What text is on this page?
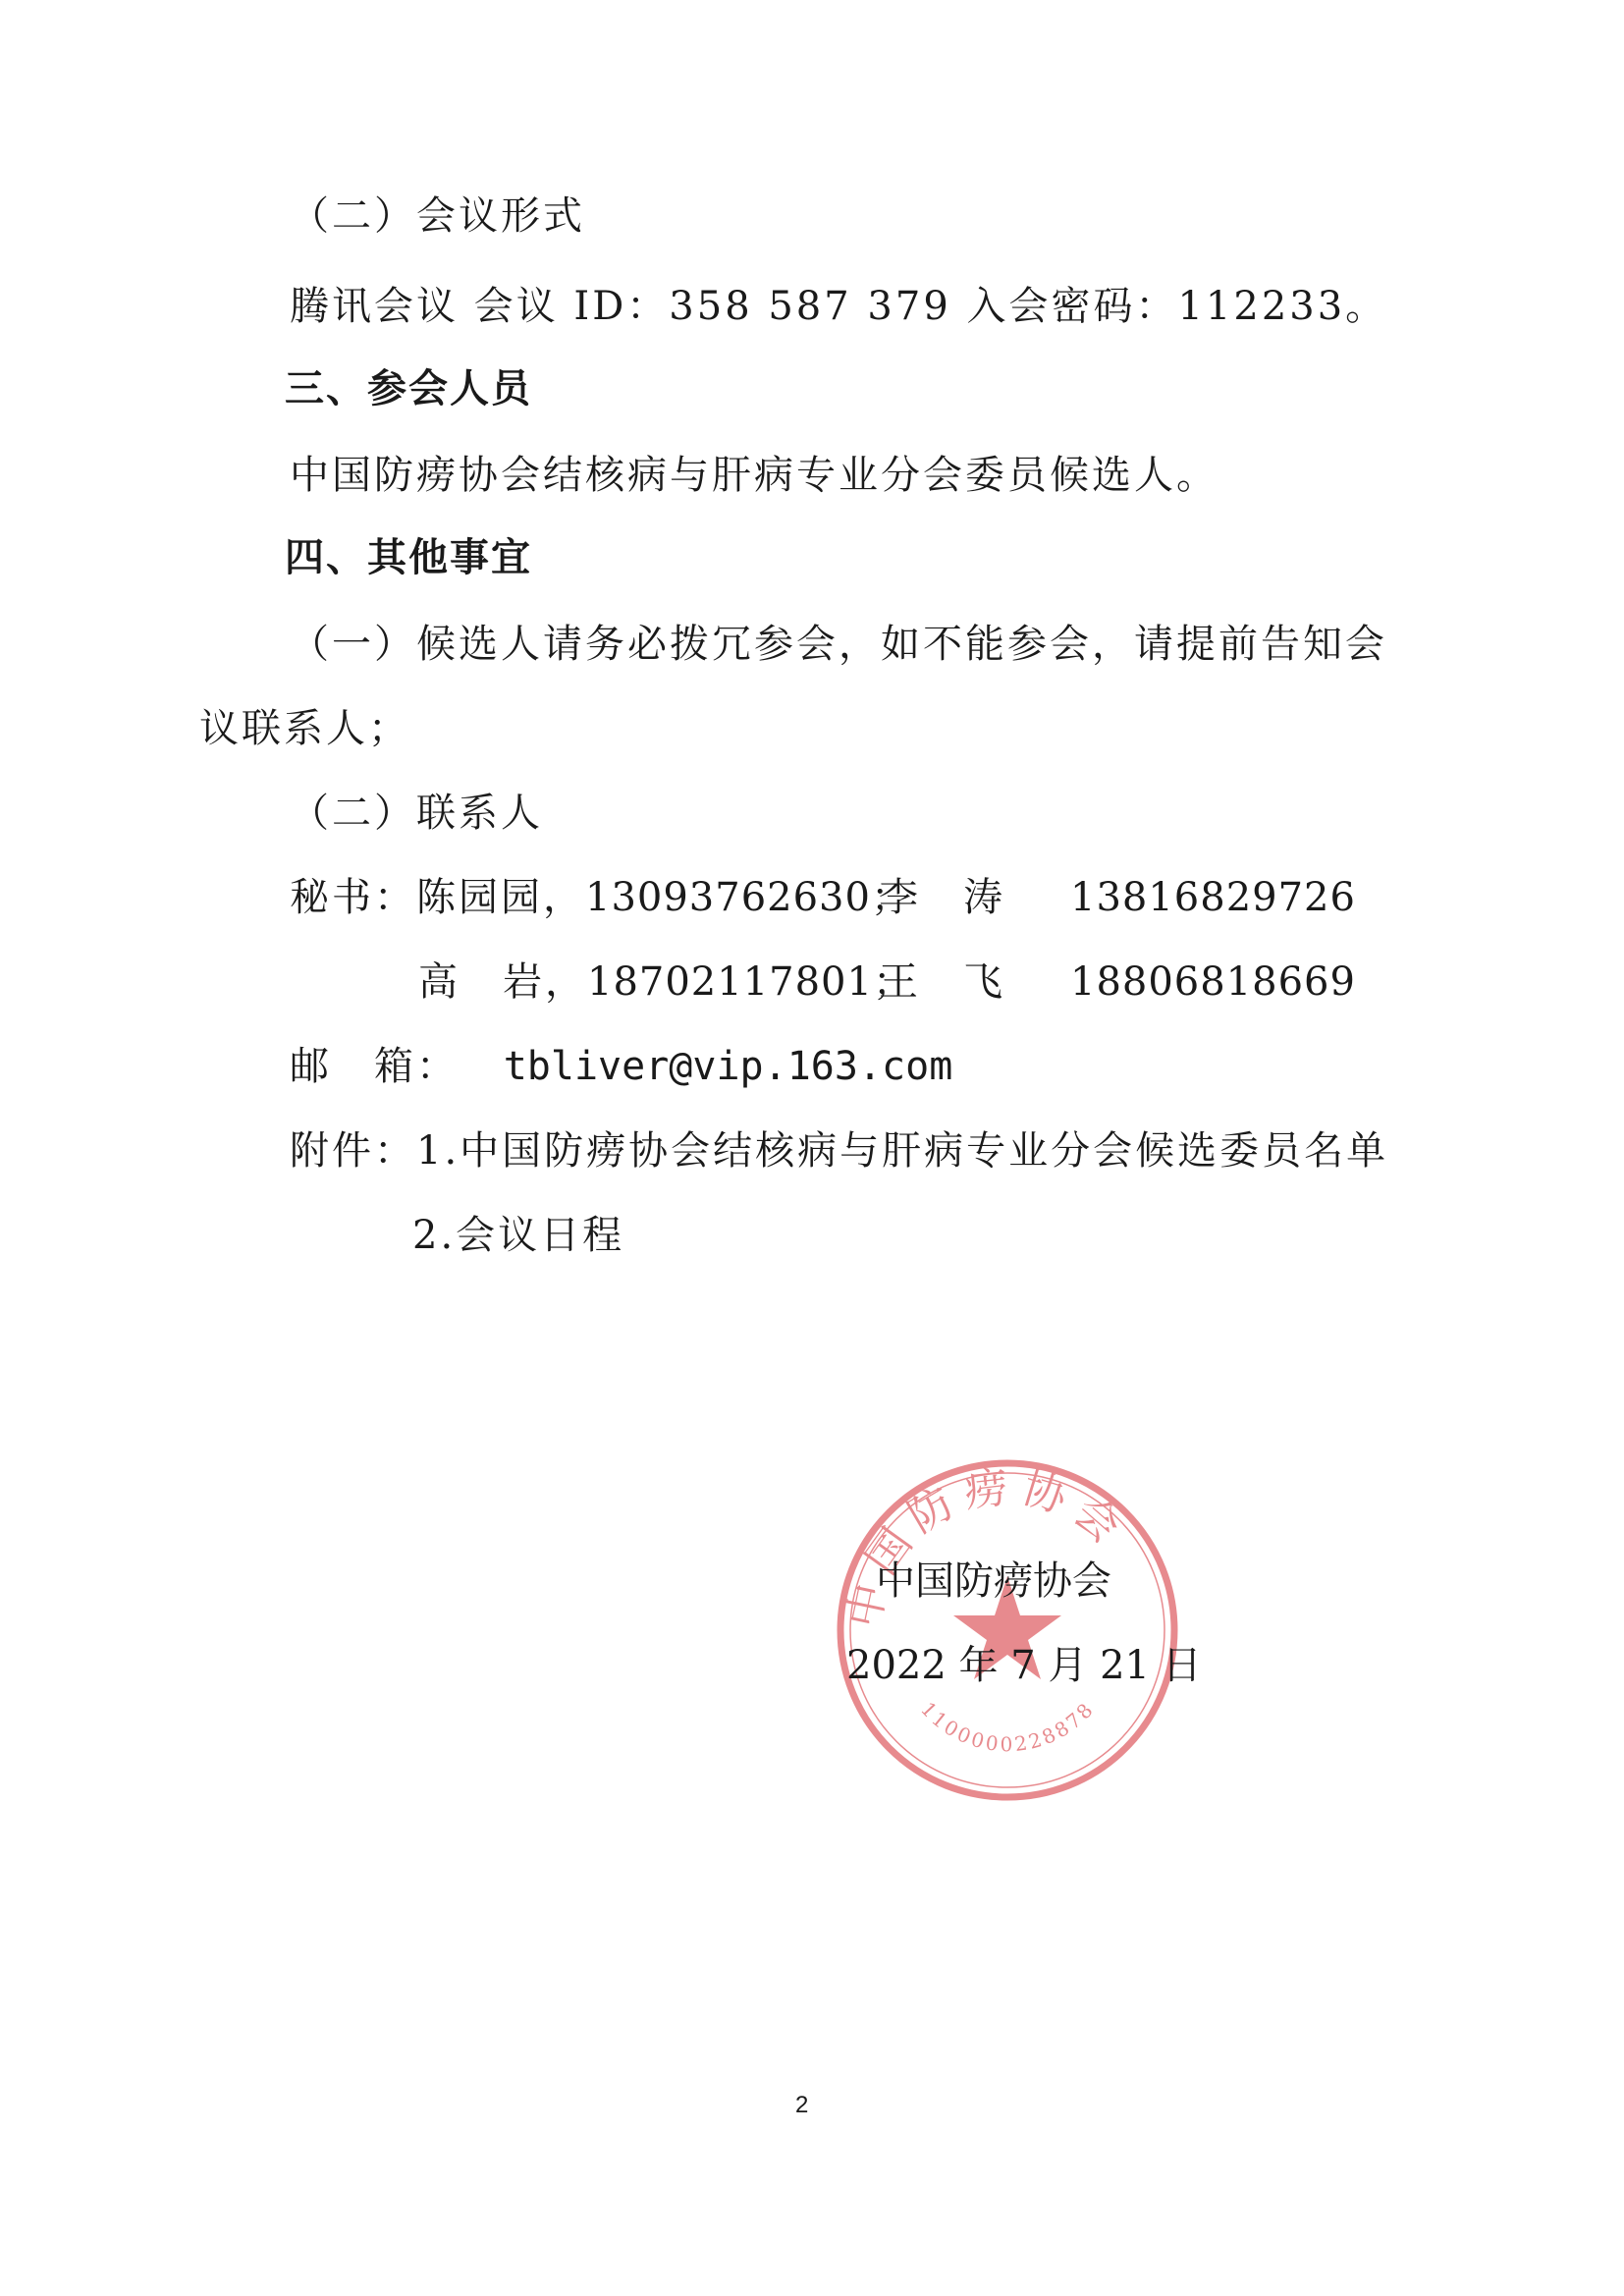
（二）会议形式
腾讯会议 会议 ID：358 587 379 入会密码：112233。
三、参会人员
中国防痨协会结核病与肝病专业分会委员候选人。
四、其他事宜
（一）候选人请务必拨冗参会，如不能参会，请提前告知会
议联系人；
（二）联系人
秘书：陈园园，13093762630；
李　涛 13816829726
高　岩，18702117801；
王　飞 18806818669
邮　箱： tbliver@vip.163.com
附件：1.中国防痨协会结核病与肝病专业分会候选委员名单
2.会议日程
中国防痨协会
1100000228878
中国防痨协会
2022 年 7 月 21 日
2
